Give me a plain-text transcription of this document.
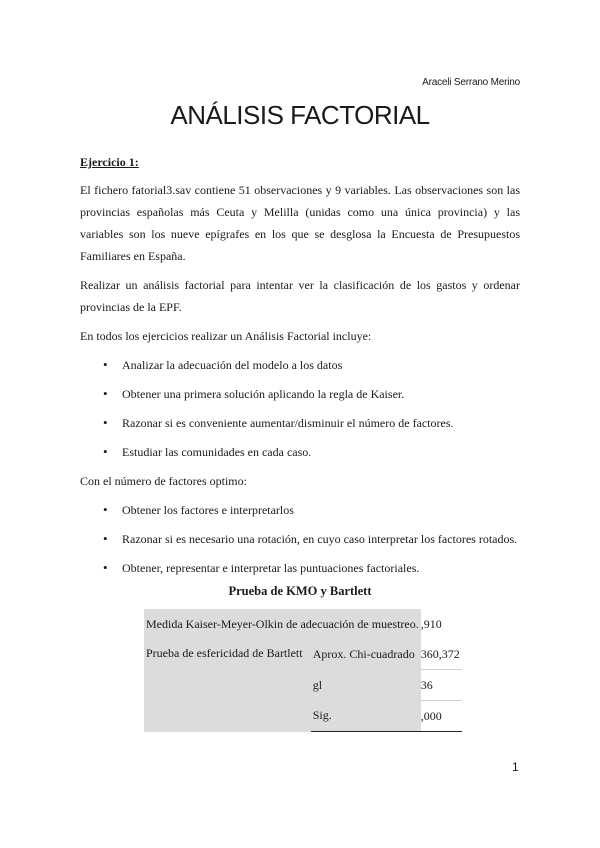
Araceli Serrano Merino
ANÁLISIS FACTORIAL
Ejercicio 1:

El fichero fatorial3.sav contiene 51 observaciones y 9 variables. Las observaciones son las provincias españolas más Ceuta y Melilla (unidas como una única provincia) y las variables son los nueve epígrafes en los que se desglosa la Encuesta de Presupuestos Familiares en España.

Realizar un análisis factorial para intentar ver la clasificación de los gastos y ordenar provincias de la EPF.

En todos los ejercicios realizar un Análisis Factorial incluye:

• Analizar la adecuación del modelo a los datos
• Obtener una primera solución aplicando la regla de Kaiser.
• Razonar si es conveniente aumentar/disminuir el número de factores.
• Estudiar las comunidades en cada caso.

Con el número de factores optimo:

• Obtener los factores e interpretarlos
• Razonar si es necesario una rotación, en cuyo caso interpretar los factores rotados.
• Obtener, representar e interpretar las puntuaciones factoriales.
Prueba de KMO y Bartlett
Medida Kaiser-Meyer-Olkin de adecuación de muestreo.		,910
Prueba de esfericidad de Bartlett	Aprox. Chi-cuadrado	360,372
	gl	36
	Sig.	,000
1
